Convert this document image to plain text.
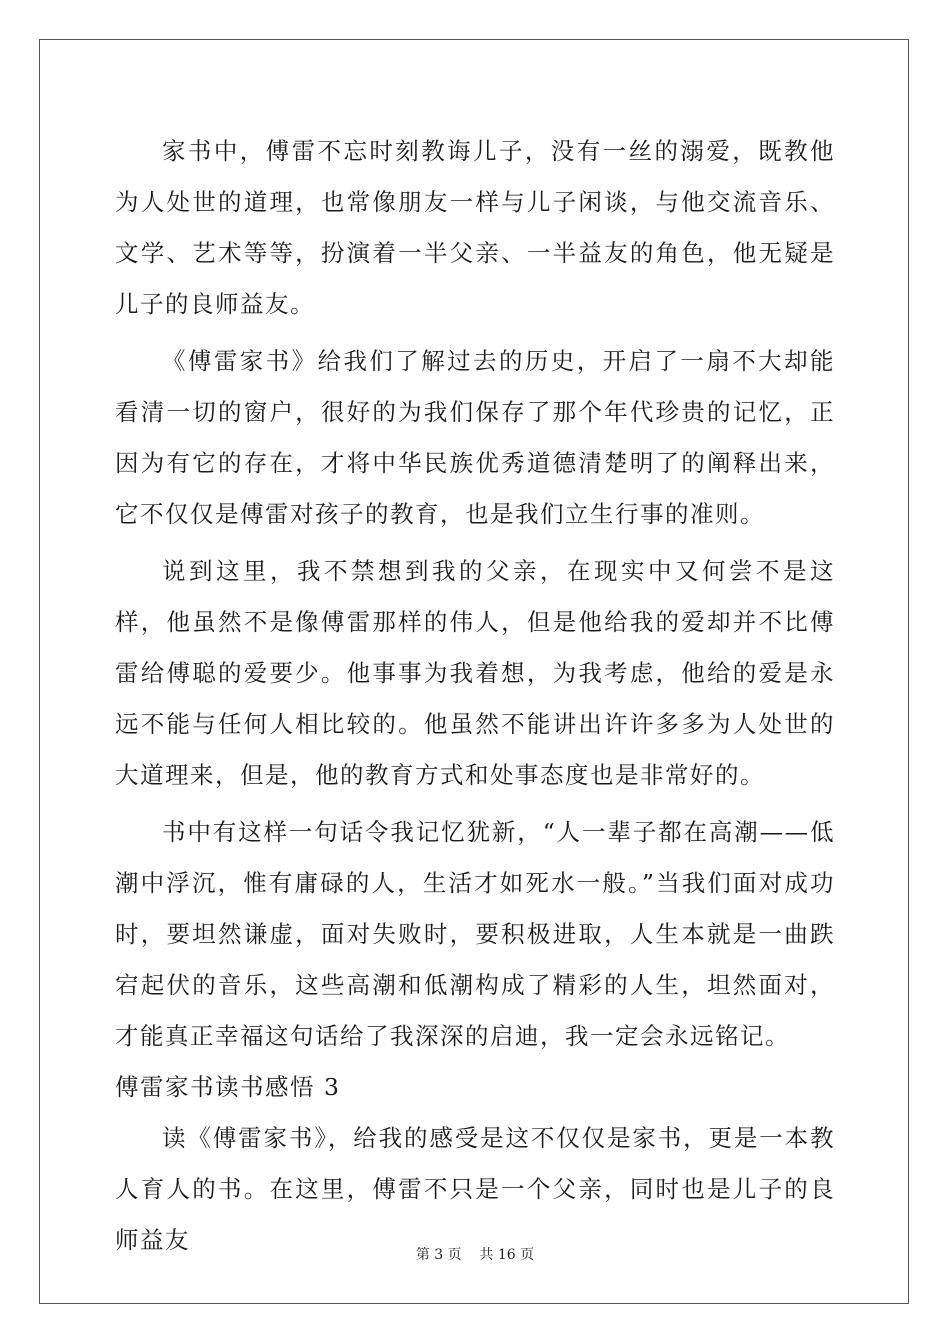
家书中，傅雷不忘时刻教诲儿子，没有一丝的溺爱，既教他为人处世的道理，也常像朋友一样与儿子闲谈，与他交流音乐、文学、艺术等等，扮演着一半父亲、一半益友的角色，他无疑是儿子的良师益友。

《傅雷家书》给我们了解过去的历史，开启了一扇不大却能看清一切的窗户，很好的为我们保存了那个年代珍贵的记忆，正因为有它的存在，才将中华民族优秀道德清楚明了的阐释出来，它不仅仅是傅雷对孩子的教育，也是我们立生行事的准则。

说到这里，我不禁想到我的父亲，在现实中又何尝不是这样，他虽然不是像傅雷那样的伟人，但是他给我的爱却并不比傅雷给傅聪的爱要少。他事事为我着想，为我考虑，他给的爱是永远不能与任何人相比较的。他虽然不能讲出许许多多为人处世的大道理来，但是，他的教育方式和处事态度也是非常好的。

书中有这样一句话令我记忆犹新，“人一辈子都在高潮——低潮中浮沉，惟有庸碌的人，生活才如死水一般。”当我们面对成功时，要坦然谦虚，面对失败时，要积极进取，人生本就是一曲跌宕起伏的音乐，这些高潮和低潮构成了精彩的人生，坦然面对，才能真正幸福这句话给了我深深的启迪，我一定会永远铭记。

傅雷家书读书感悟 3

读《傅雷家书》，给我的感受是这不仅仅是家书，更是一本教人育人的书。在这里，傅雷不只是一个父亲，同时也是儿子的良师益友

第 3 页    共 16 页
